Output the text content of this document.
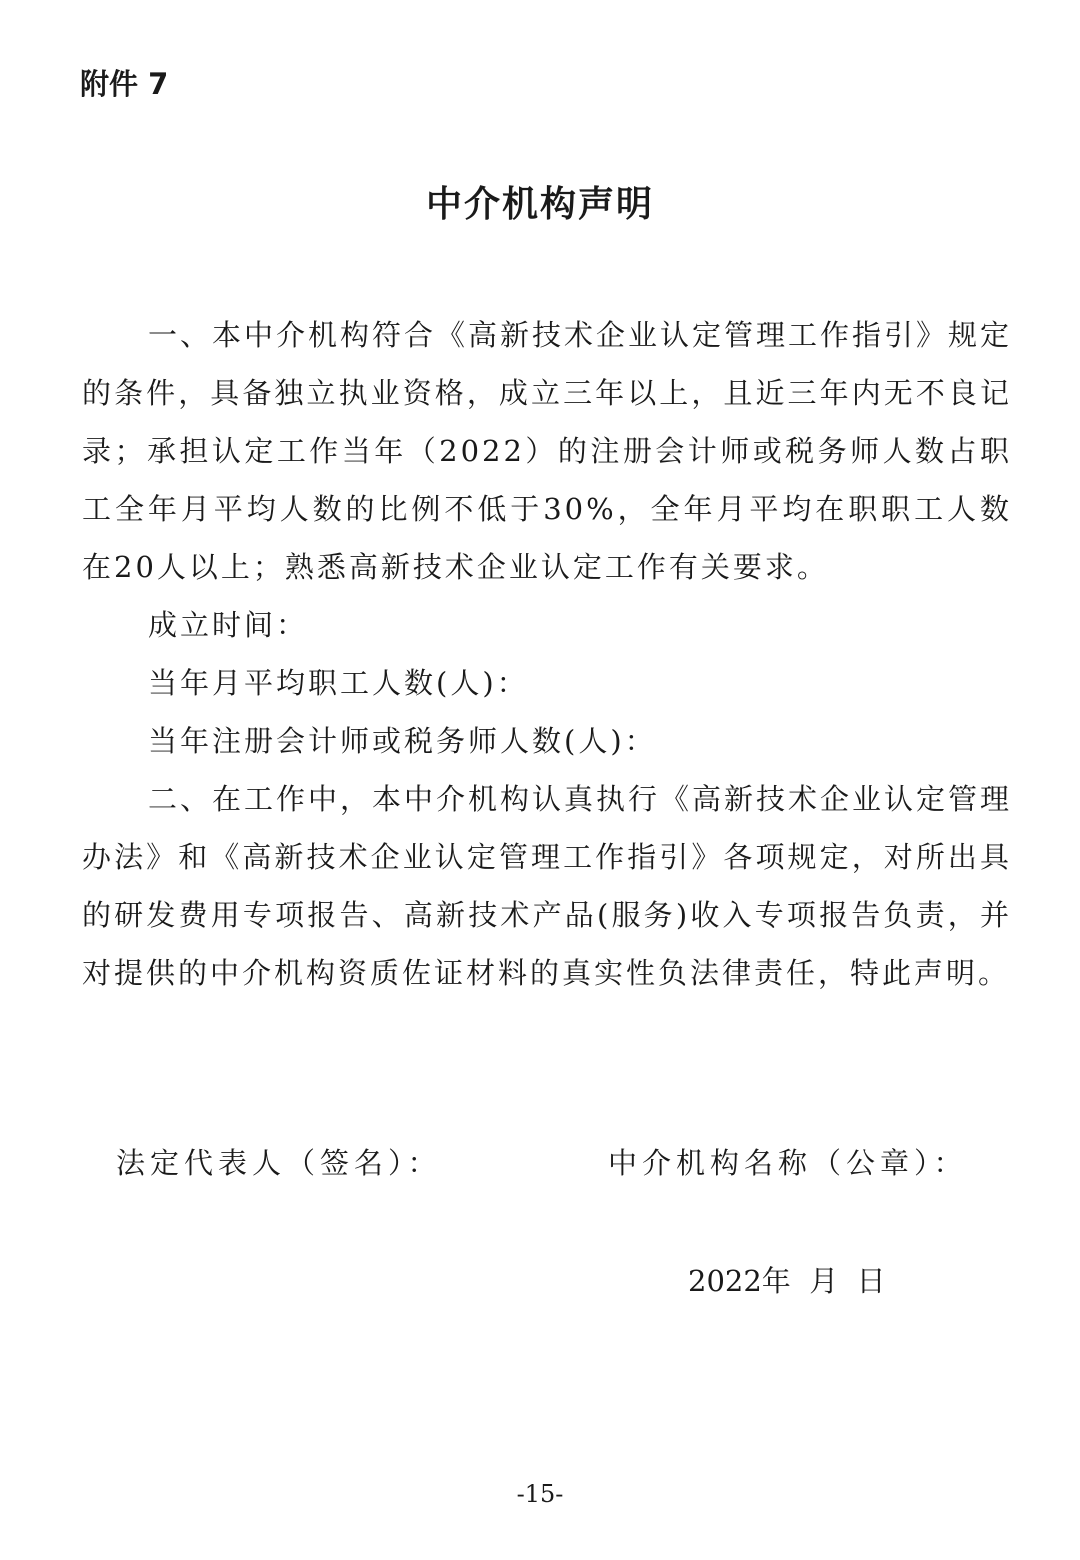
附件 7

中介机构声明

一、本中介机构符合《高新技术企业认定管理工作指引》规定的条件，具备独立执业资格，成立三年以上，且近三年内无不良记录；承担认定工作当年（2022）的注册会计师或税务师人数占职工全年月平均人数的比例不低于30%，全年月平均在职职工人数在20人以上；熟悉高新技术企业认定工作有关要求。

成立时间：

当年月平均职工人数(人)：

当年注册会计师或税务师人数(人)：

二、在工作中，本中介机构认真执行《高新技术企业认定管理办法》和《高新技术企业认定管理工作指引》各项规定，对所出具的研发费用专项报告、高新技术产品(服务)收入专项报告负责，并对提供的中介机构资质佐证材料的真实性负法律责任，特此声明。

法定代表人（签名）：	中介机构名称（公章）：

2022年  月  日

-15-
